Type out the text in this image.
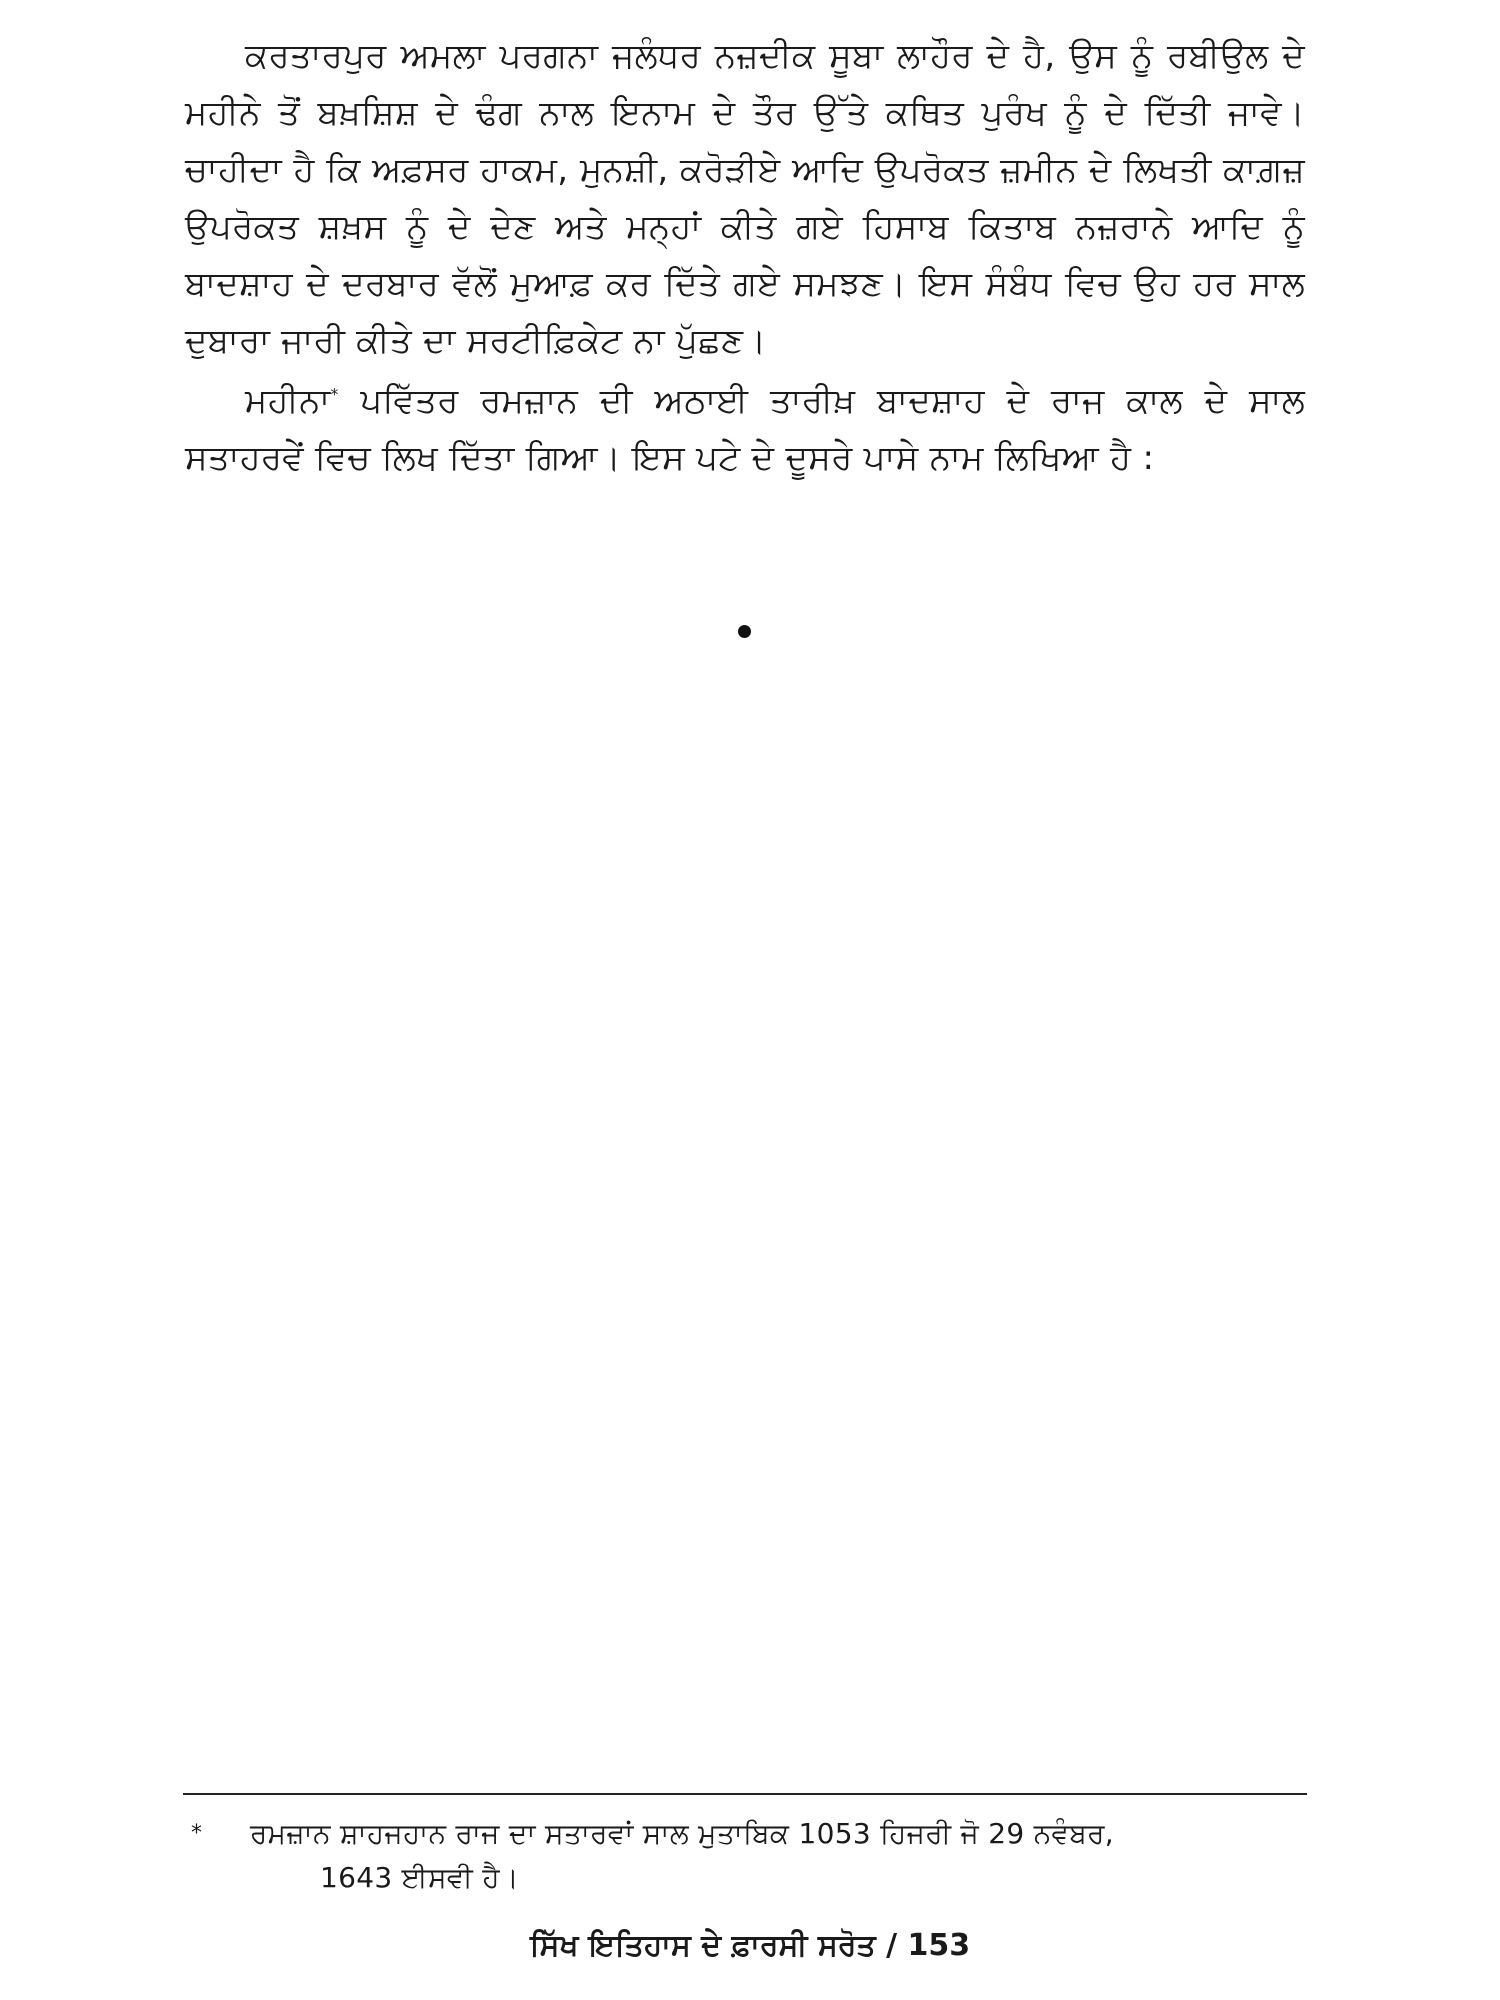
ਕਰਤਾਰਪੁਰ ਅਮਲਾ ਪਰਗਨਾ ਜਲੰਧਰ ਨਜ਼ਦੀਕ ਸੂਬਾ ਲਾਹੌਰ ਦੇ ਹੈ, ਉਸ ਨੂੰ ਰਬੀਉਲ ਦੇ ਮਹੀਨੇ ਤੋਂ ਬਖ਼ਸ਼ਿਸ਼ ਦੇ ਢੰਗ ਨਾਲ ਇਨਾਮ ਦੇ ਤੌਰ ਉੱਤੇ ਕਥਿਤ ਪੁਰੰਖ ਨੂੰ ਦੇ ਦਿੱਤੀ ਜਾਵੇ। ਚਾਹੀਦਾ ਹੈ ਕਿ ਅਫ਼ਸਰ ਹਾਕਮ, ਮੁਨਸ਼ੀ, ਕਰੋੜੀਏ ਆਦਿ ਉਪਰੋਕਤ ਜ਼ਮੀਨ ਦੇ ਲਿਖਤੀ ਕਾਗ਼ਜ਼ ਉਪਰੋਕਤ ਸ਼ਖ਼ਸ ਨੂੰ ਦੇ ਦੇਣ ਅਤੇ ਮਨ੍ਹਾਂ ਕੀਤੇ ਗਏ ਹਿਸਾਬ ਕਿਤਾਬ ਨਜ਼ਰਾਨੇ ਆਦਿ ਨੂੰ ਬਾਦਸ਼ਾਹ ਦੇ ਦਰਬਾਰ ਵੱਲੋਂ ਮੁਆਫ਼ ਕਰ ਦਿੱਤੇ ਗਏ ਸਮਝਣ। ਇਸ ਸੰਬੰਧ ਵਿਚ ਉਹ ਹਰ ਸਾਲ ਦੁਬਾਰਾ ਜਾਰੀ ਕੀਤੇ ਦਾ ਸਰਟੀਫ਼ਿਕੇਟ ਨਾ ਪੁੱਛਣ।

ਮਹੀਨਾ* ਪਵਿੱਤਰ ਰਮਜ਼ਾਨ ਦੀ ਅਠਾਈ ਤਾਰੀਖ਼ ਬਾਦਸ਼ਾਹ ਦੇ ਰਾਜ ਕਾਲ ਦੇ ਸਾਲ ਸਤਾਹਰਵੇਂ ਵਿਚ ਲਿਖ ਦਿੱਤਾ ਗਿਆ। ਇਸ ਪਟੇ ਦੇ ਦੂਸਰੇ ਪਾਸੇ ਨਾਮ ਲਿਖਿਆ ਹੈ :

* ਰਮਜ਼ਾਨ ਸ਼ਾਹਜਹਾਨ ਰਾਜ ਦਾ ਸਤਾਰਵਾਂ ਸਾਲ ਮੁਤਾਬਿਕ 1053 ਹਿਜਰੀ ਜੋ 29 ਨਵੰਬਰ,
1643 ਈਸਵੀ ਹੈ।
ਸਿੱਖ ਇਤਿਹਾਸ ਦੇ ਫ਼ਾਰਸੀ ਸਰੋਤ / 153
